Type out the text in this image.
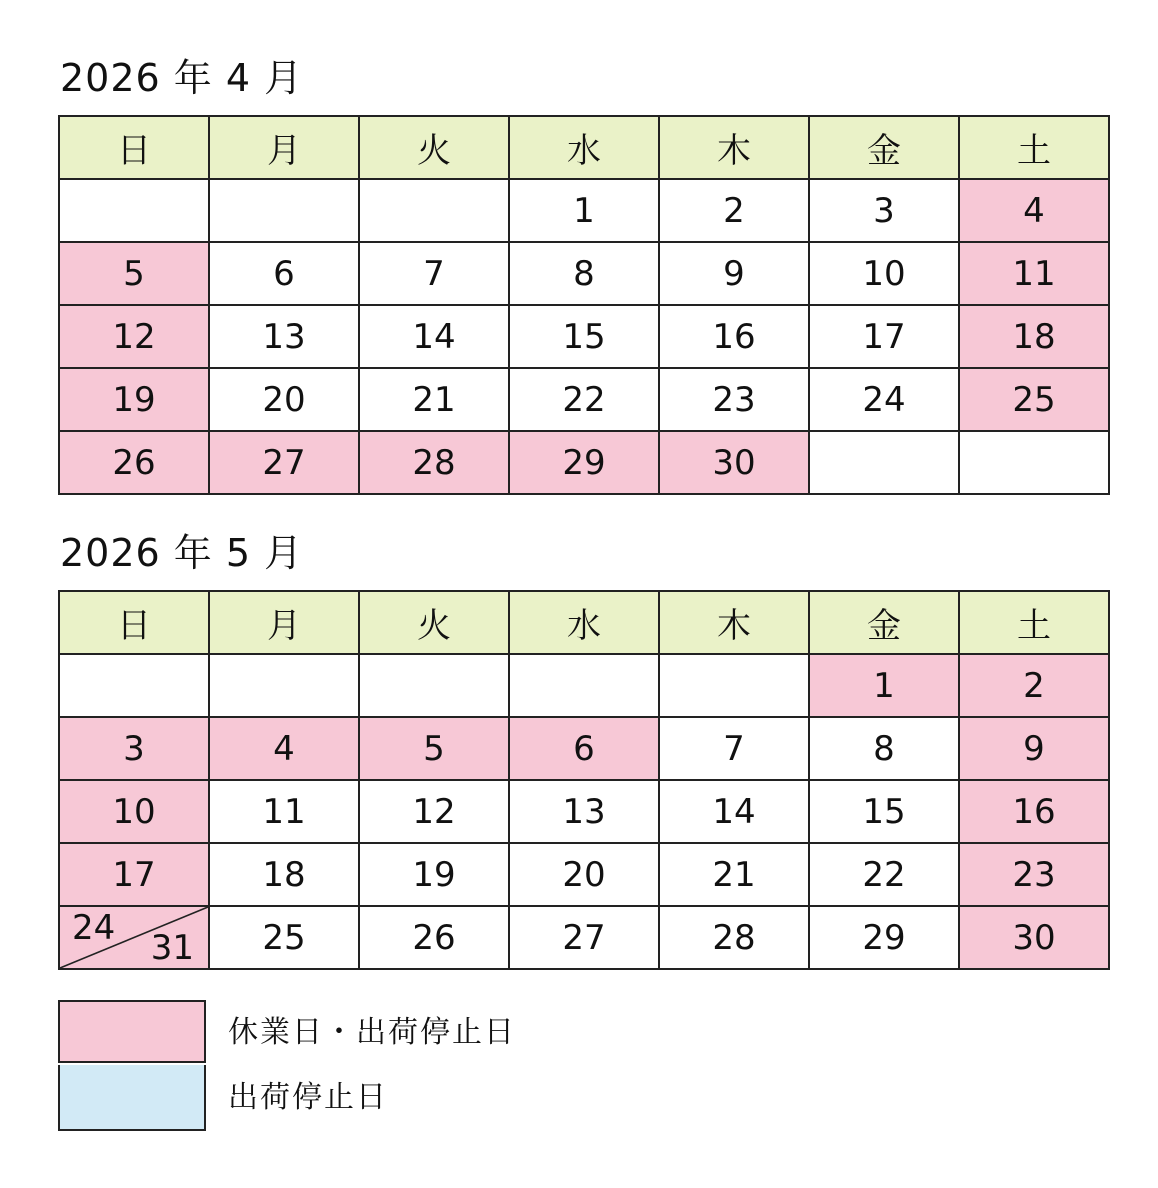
2026 年 4 月
日	月	火	水	木	金	土
			1	2	3	4
5	6	7	8	9	10	11
12	13	14	15	16	17	18
19	20	21	22	23	24	25
26	27	28	29	30		
2026 年 5 月
日	月	火	水	木	金	土
					1	2
3	4	5	6	7	8	9
10	11	12	13	14	15	16
17	18	19	20	21	22	23

24 31	25	26	27	28	29	30
休業日・出荷停止日
出荷停止日
